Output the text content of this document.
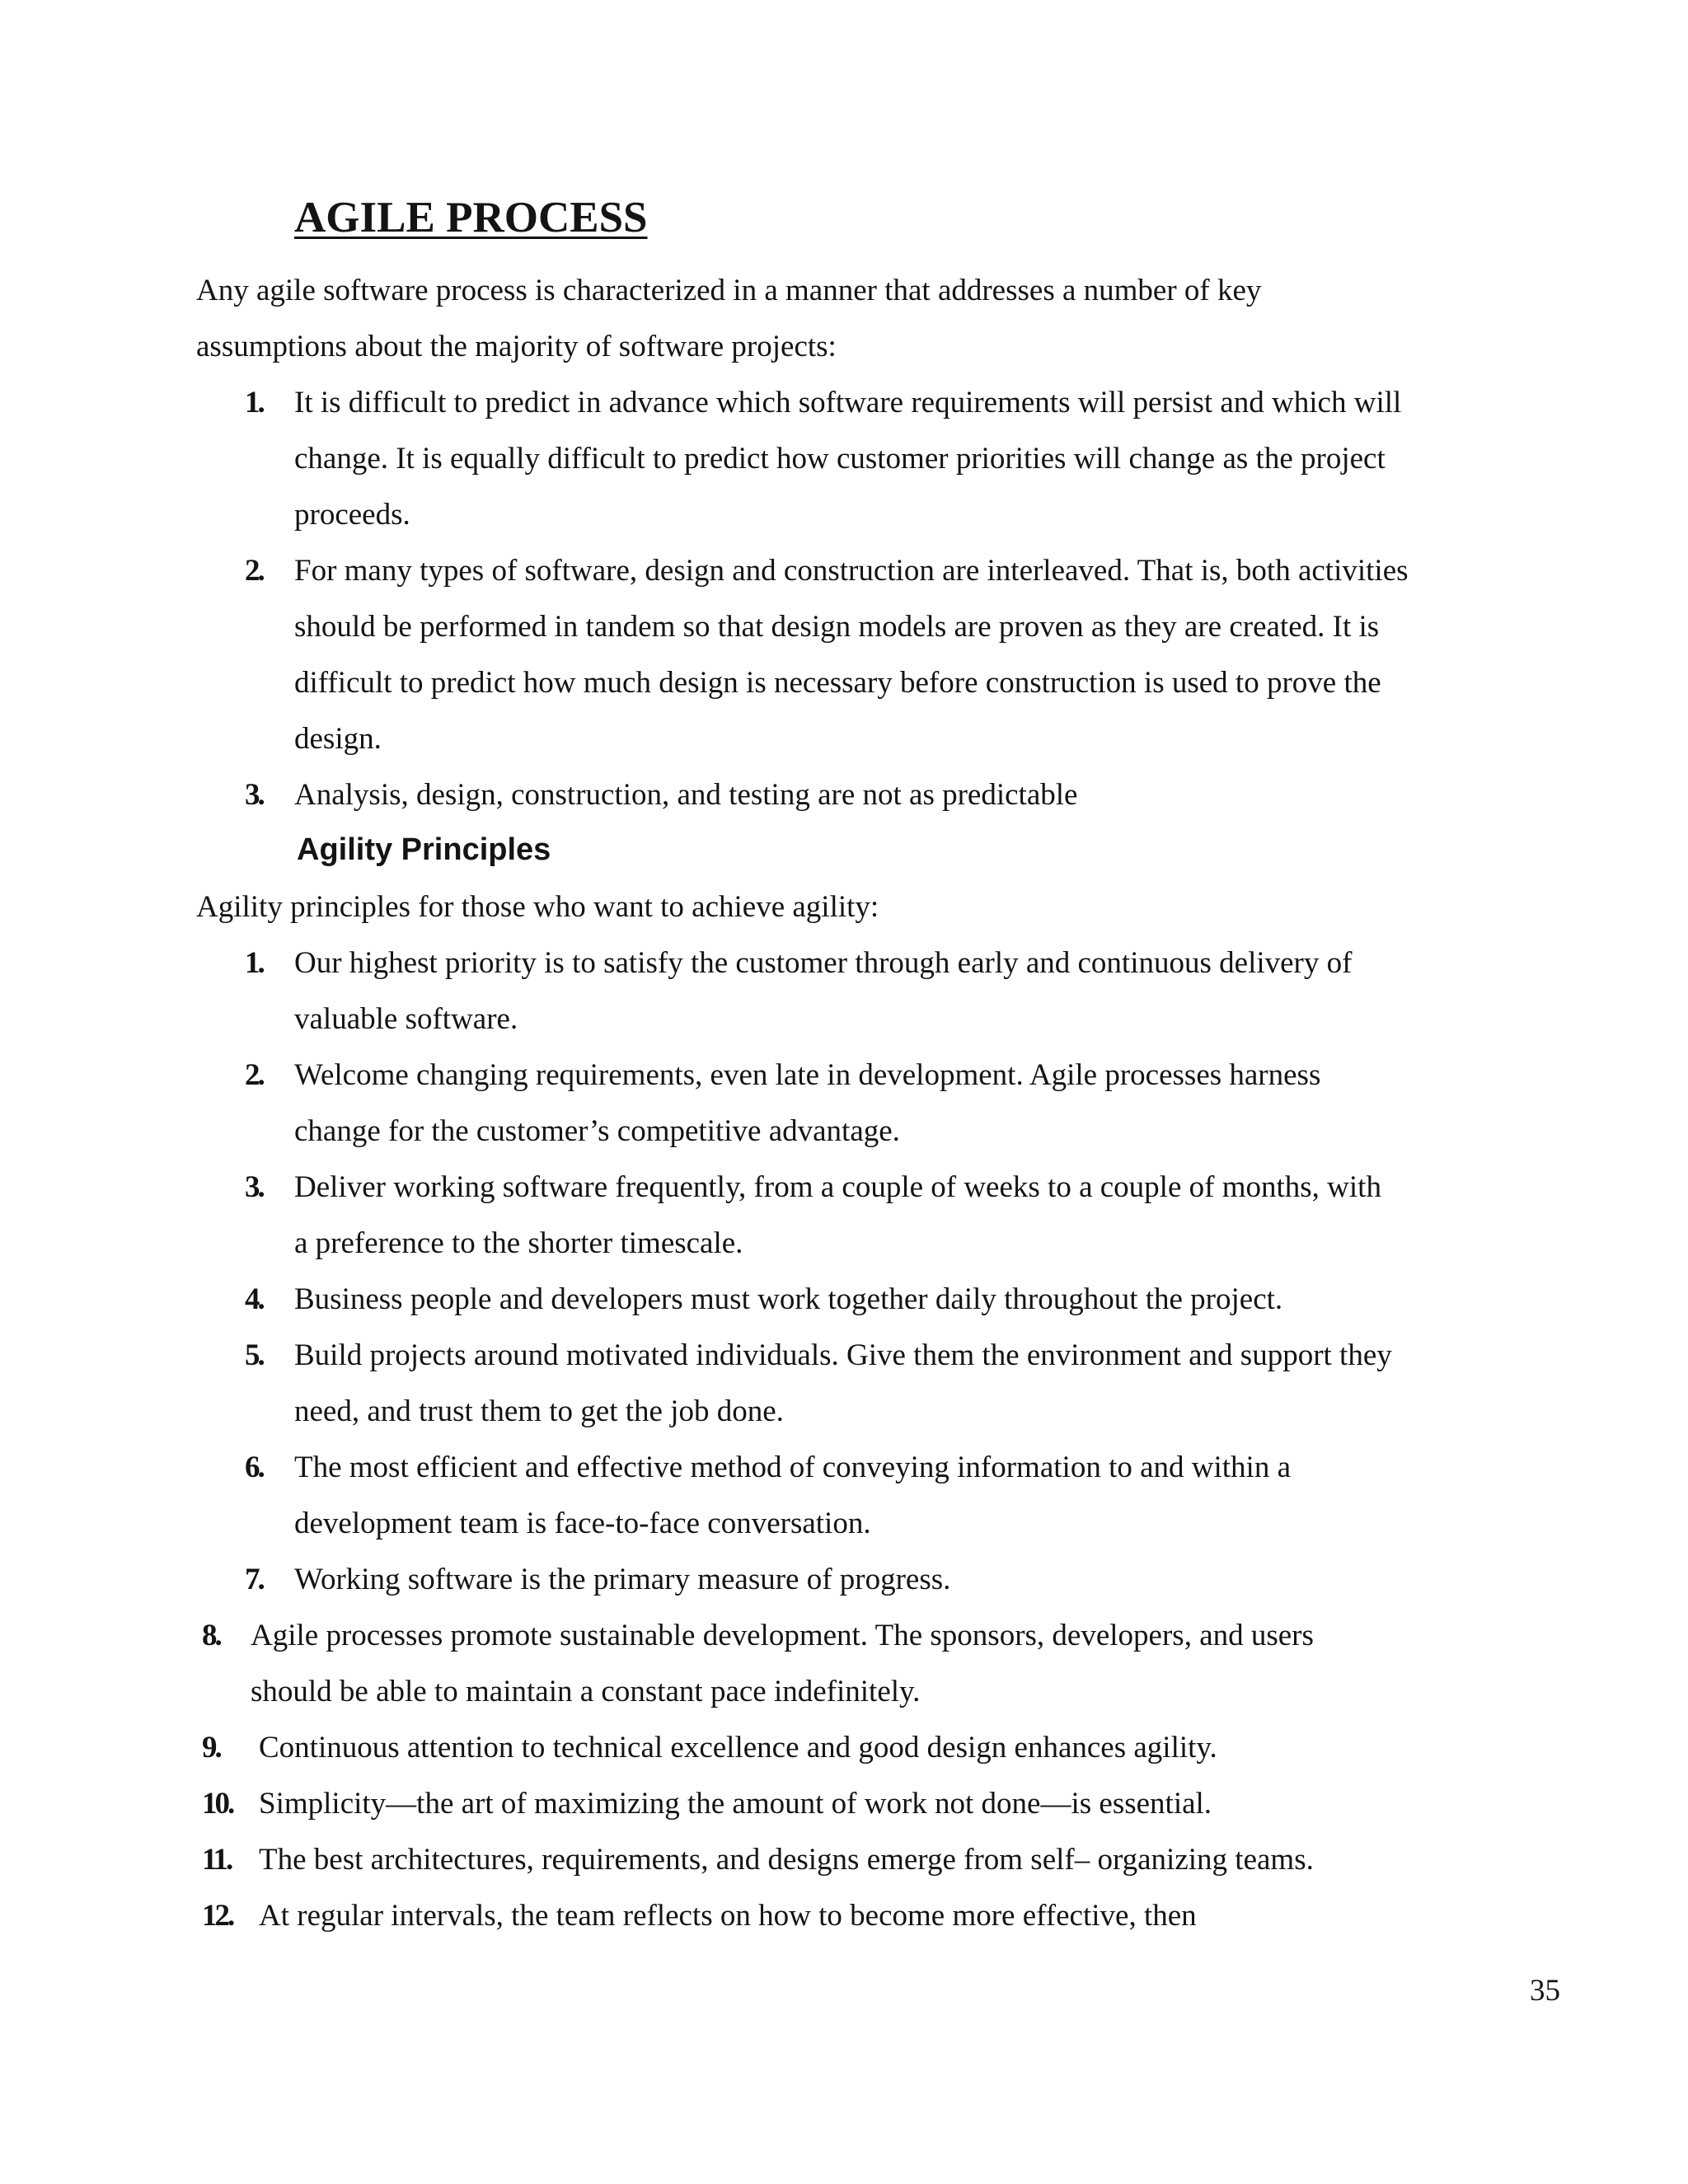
AGILE PROCESS
Any agile software process is characterized in a manner that addresses a number of key
assumptions about the majority of software projects:
1. It is difficult to predict in advance which software requirements will persist and which will
change. It is equally difficult to predict how customer priorities will change as the project
proceeds.
2. For many types of software, design and construction are interleaved. That is, both activities
should be performed in tandem so that design models are proven as they are created. It is
difficult to predict how much design is necessary before construction is used to prove the
design.
3. Analysis, design, construction, and testing are not as predictable
Agility Principles
Agility principles for those who want to achieve agility:
1. Our highest priority is to satisfy the customer through early and continuous delivery of
valuable software.
2. Welcome changing requirements, even late in development. Agile processes harness
change for the customer’s competitive advantage.
3. Deliver working software frequently, from a couple of weeks to a couple of months, with
a preference to the shorter timescale.
4. Business people and developers must work together daily throughout the project.
5. Build projects around motivated individuals. Give them the environment and support they
need, and trust them to get the job done.
6. The most efficient and effective method of conveying information to and within a
development team is face-to-face conversation.
7. Working software is the primary measure of progress.
8. Agile processes promote sustainable development. The sponsors, developers, and users
should be able to maintain a constant pace indefinitely.
9. Continuous attention to technical excellence and good design enhances agility.
10. Simplicity—the art of maximizing the amount of work not done—is essential.
11. The best architectures, requirements, and designs emerge from self– organizing teams.
12. At regular intervals, the team reflects on how to become more effective, then
35
